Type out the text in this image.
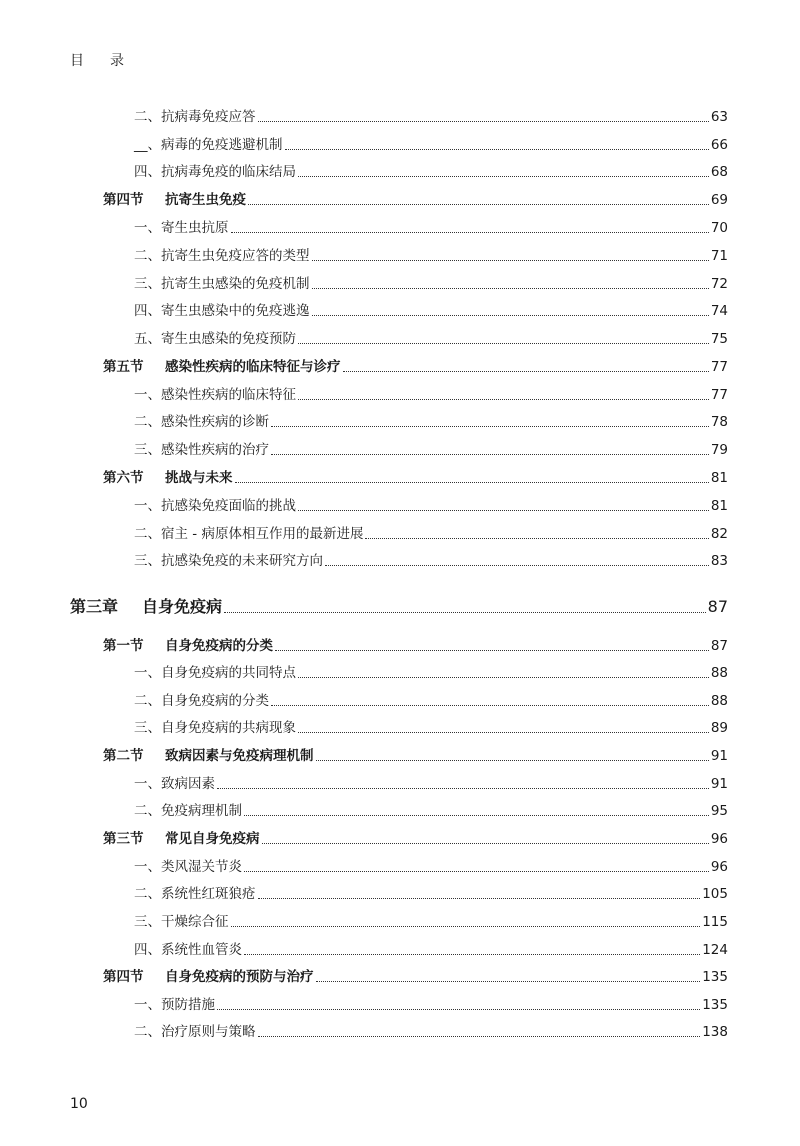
目 录
二、抗病毒免疫应答	63
__、病毒的免疫逃避机制	66
四、抗病毒免疫的临床结局	68
第四节 抗寄生虫免疫	69
一、寄生虫抗原	70
二、抗寄生虫免疫应答的类型	71
三、抗寄生虫感染的免疫机制	72
四、寄生虫感染中的免疫逃逸	74
五、寄生虫感染的免疫预防	75
第五节 感染性疾病的临床特征与诊疗	77
一、感染性疾病的临床特征	77
二、感染性疾病的诊断	78
三、感染性疾病的治疗	79
第六节 挑战与未来	81
一、抗感染免疫面临的挑战	81
二、宿主 - 病原体相互作用的最新进展	82
三、抗感染免疫的未来研究方向	83
第三章 自身免疫病	87
第一节 自身免疫病的分类	87
一、自身免疫病的共同特点	88
二、自身免疫病的分类	88
三、自身免疫病的共病现象	89
第二节 致病因素与免疫病理机制	91
一、致病因素	91
二、免疫病理机制	95
第三节 常见自身免疫病	96
一、类风湿关节炎	96
二、系统性红斑狼疮	105
三、干燥综合征	115
四、系统性血管炎	124
第四节 自身免疫病的预防与治疗	135
一、预防措施	135
二、治疗原则与策略	138
10
